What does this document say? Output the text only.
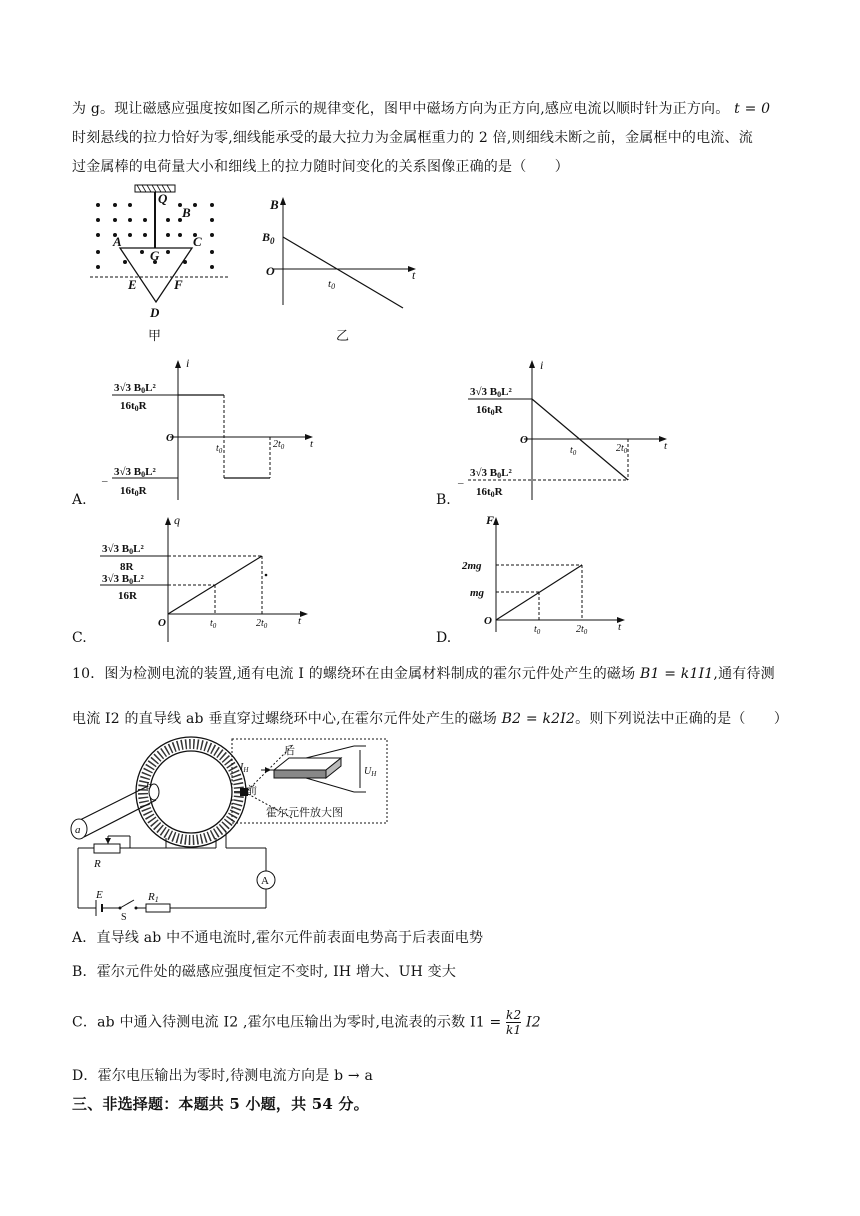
为 g。现让磁感应强度按如图乙所示的规律变化，图甲中磁场方向为正方向,感应电流以顺时针为正方向。 t = 0
时刻悬线的拉力恰好为零,细线能承受的最大拉力为金属框重力的 2 倍,则细线未断之前，金属框中的电流、流
过金属棒的电荷量大小和细线上的拉力随时间变化的关系图像正确的是（　　）
Q
B
A	C
G
E	F
D
甲
B
$B_0$
O
t0
t
乙
A.
i
3√3 B0L²
16t0R
O
$t_0$
$2t_0$ t
–
3√3 B0L²
16t0R
B.
i
3√3 B0L²
16t0R
O
$t_0$	$2t_0$	t
–
3√3 B0L²
16t0R
C.
q
3√3 B0L²
8R
3√3 B0L²
16R
O	$t_0$	$2t_0$	t
D.
F
2mg
mg
O
$t_0$	$2t_0$	t
10．图为检测电流的装置,通有电流 I 的螺绕环在由金属材料制成的霍尔元件处产生的磁场 B1 = k1I1,通有待测
电流 I2 的直导线 ab 垂直穿过螺绕环中心,在霍尔元件处产生的磁场 B2 = k2I2。则下列说法中正确的是（　　）
a
b
后
$I_H$
前
$U_H$
霍尔元件放大图
R
A
E
S
R1
A．直导线 ab 中不通电流时,霍尔元件前表面电势高于后表面电势
B．霍尔元件处的磁感应强度恒定不变时, IH 增大、UH 变大
C．ab 中通入待测电流 I2 ,霍尔电压输出为零时,电流表的示数 $I1 = \frac{k2}{k1} I2$
D．霍尔电压输出为零时,待测电流方向是 b → a
三、非选择题：本题共 5 小题，共 54 分。
